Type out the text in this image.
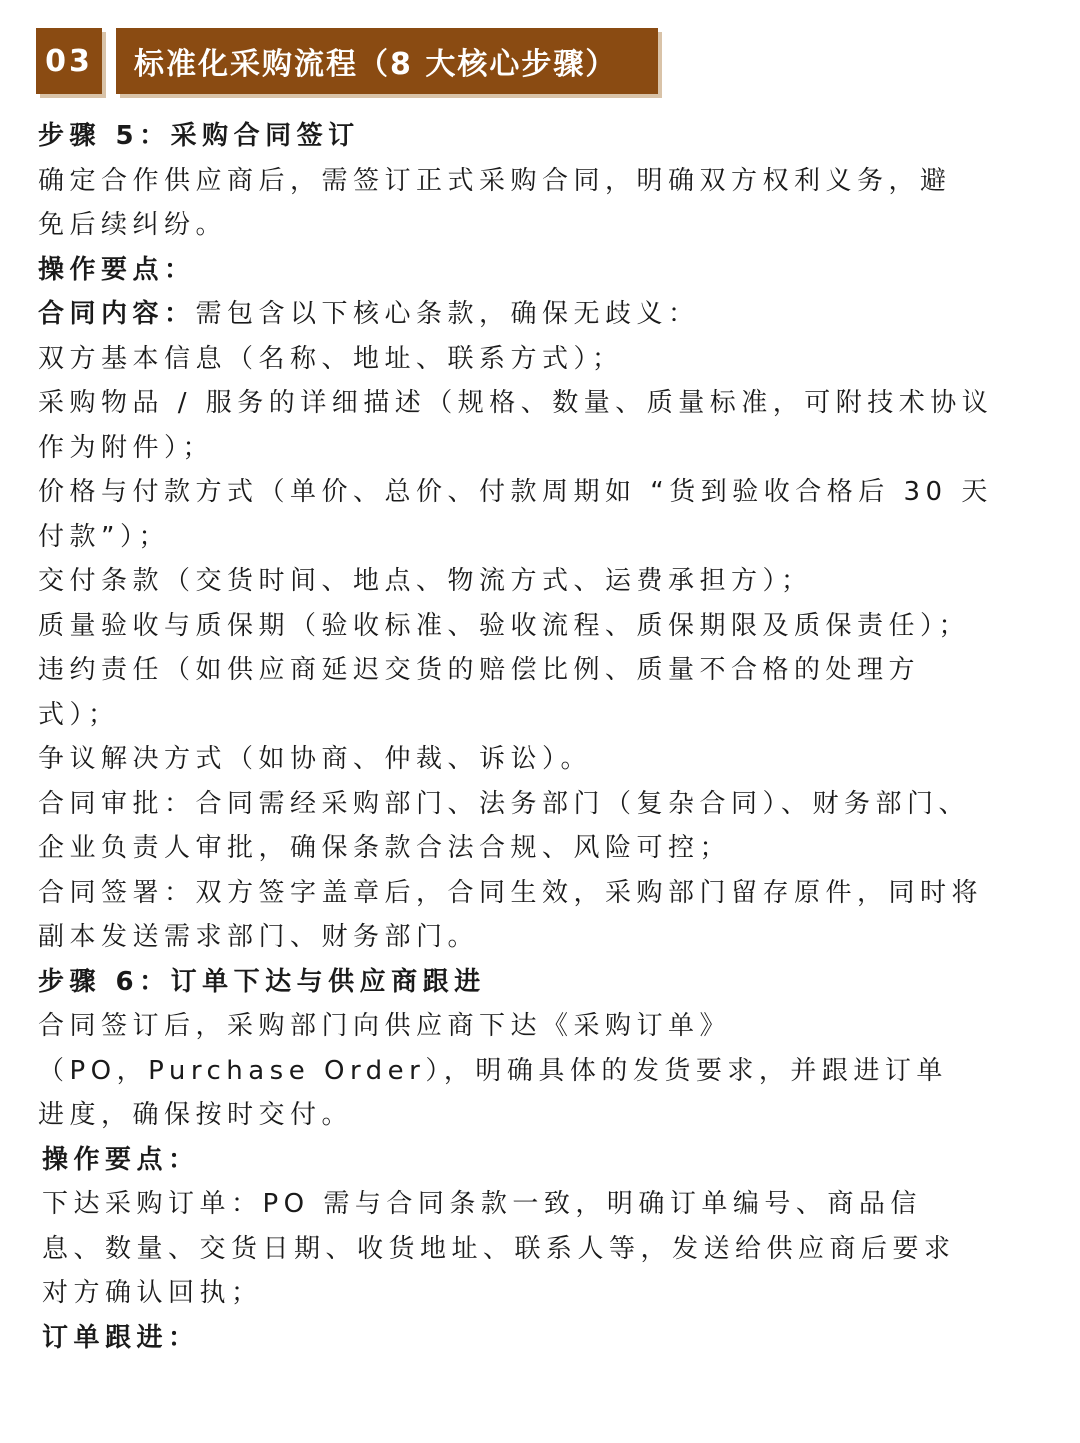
03	标准化采购流程（8 大核心步骤）
步骤 5：采购合同签订
确定合作供应商后，需签订正式采购合同，明确双方权利义务，避
免后续纠纷。
操作要点：
合同内容：需包含以下核心条款，确保无歧义：
双方基本信息（名称、地址、联系方式）；
采购物品 / 服务的详细描述（规格、数量、质量标准，可附技术协议
作为附件）；
价格与付款方式（单价、总价、付款周期如 “货到验收合格后 30 天
付款”）；
交付条款（交货时间、地点、物流方式、运费承担方）；
质量验收与质保期（验收标准、验收流程、质保期限及质保责任）；
违约责任（如供应商延迟交货的赔偿比例、质量不合格的处理方
式）；
争议解决方式（如协商、仲裁、诉讼）。
合同审批：合同需经采购部门、法务部门（复杂合同）、财务部门、
企业负责人审批，确保条款合法合规、风险可控；
合同签署：双方签字盖章后，合同生效，采购部门留存原件，同时将
副本发送需求部门、财务部门。
步骤 6：订单下达与供应商跟进
合同签订后，采购部门向供应商下达《采购订单》
（PO，Purchase Order），明确具体的发货要求，并跟进订单
进度，确保按时交付。
操作要点：
下达采购订单：PO 需与合同条款一致，明确订单编号、商品信
息、数量、交货日期、收货地址、联系人等，发送给供应商后要求
对方确认回执；
订单跟进：
